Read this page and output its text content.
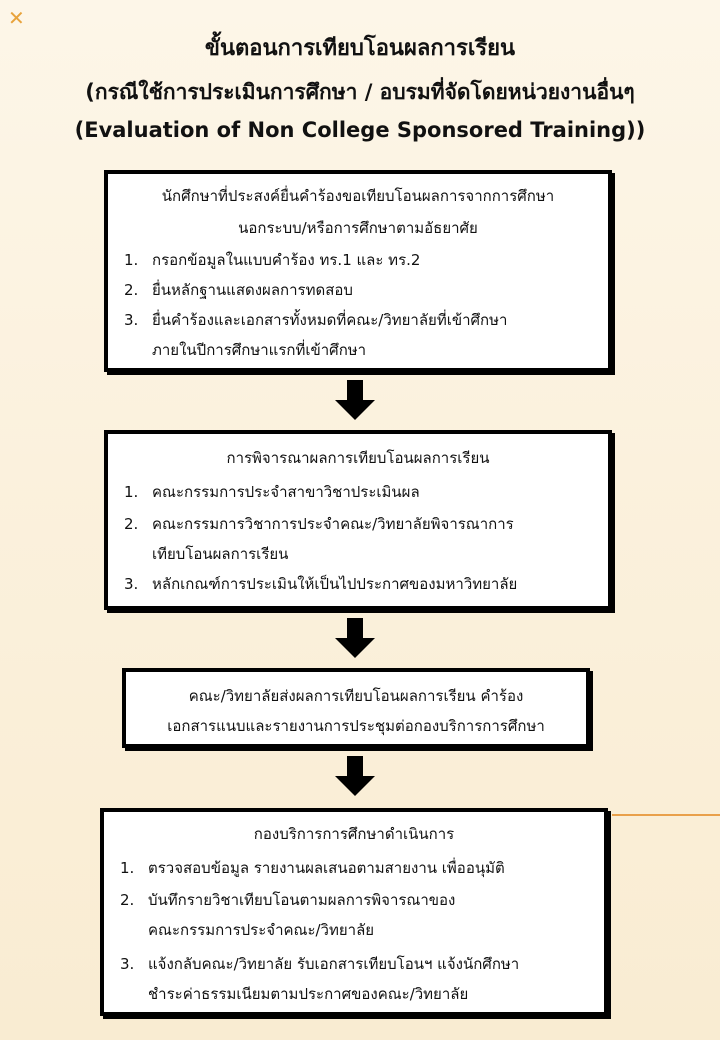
✕
ขั้นตอนการเทียบโอนผลการเรียน
(กรณีใช้การประเมินการศึกษา / อบรมที่จัดโดยหน่วยงานอื่นๆ
(Evaluation of Non College Sponsored Training))
นักศึกษาที่ประสงค์ยื่นคำร้องขอเทียบโอนผลการจากการศึกษา
นอกระบบ/หรือการศึกษาตามอัธยาศัย
1. กรอกข้อมูลในแบบคำร้อง ทร.1 และ ทร.2
2. ยื่นหลักฐานแสดงผลการทดสอบ
3. ยื่นคำร้องและเอกสารทั้งหมดที่คณะ/วิทยาลัยที่เข้าศึกษา
ภายในปีการศึกษาแรกที่เข้าศึกษา
การพิจารณาผลการเทียบโอนผลการเรียน
1. คณะกรรมการประจำสาขาวิชาประเมินผล
2. คณะกรรมการวิชาการประจำคณะ/วิทยาลัยพิจารณาการ
เทียบโอนผลการเรียน
3. หลักเกณฑ์การประเมินให้เป็นไปประกาศของมหาวิทยาลัย
คณะ/วิทยาลัยส่งผลการเทียบโอนผลการเรียน คำร้อง
เอกสารแนบและรายงานการประชุมต่อกองบริการการศึกษา
กองบริการการศึกษาดำเนินการ
1. ตรวจสอบข้อมูล รายงานผลเสนอตามสายงาน เพื่ออนุมัติ
2. บันทึกรายวิชาเทียบโอนตามผลการพิจารณาของ
คณะกรรมการประจำคณะ/วิทยาลัย
3. แจ้งกลับคณะ/วิทยาลัย รับเอกสารเทียบโอนฯ แจ้งนักศึกษา
ชำระค่าธรรมเนียมตามประกาศของคณะ/วิทยาลัย
